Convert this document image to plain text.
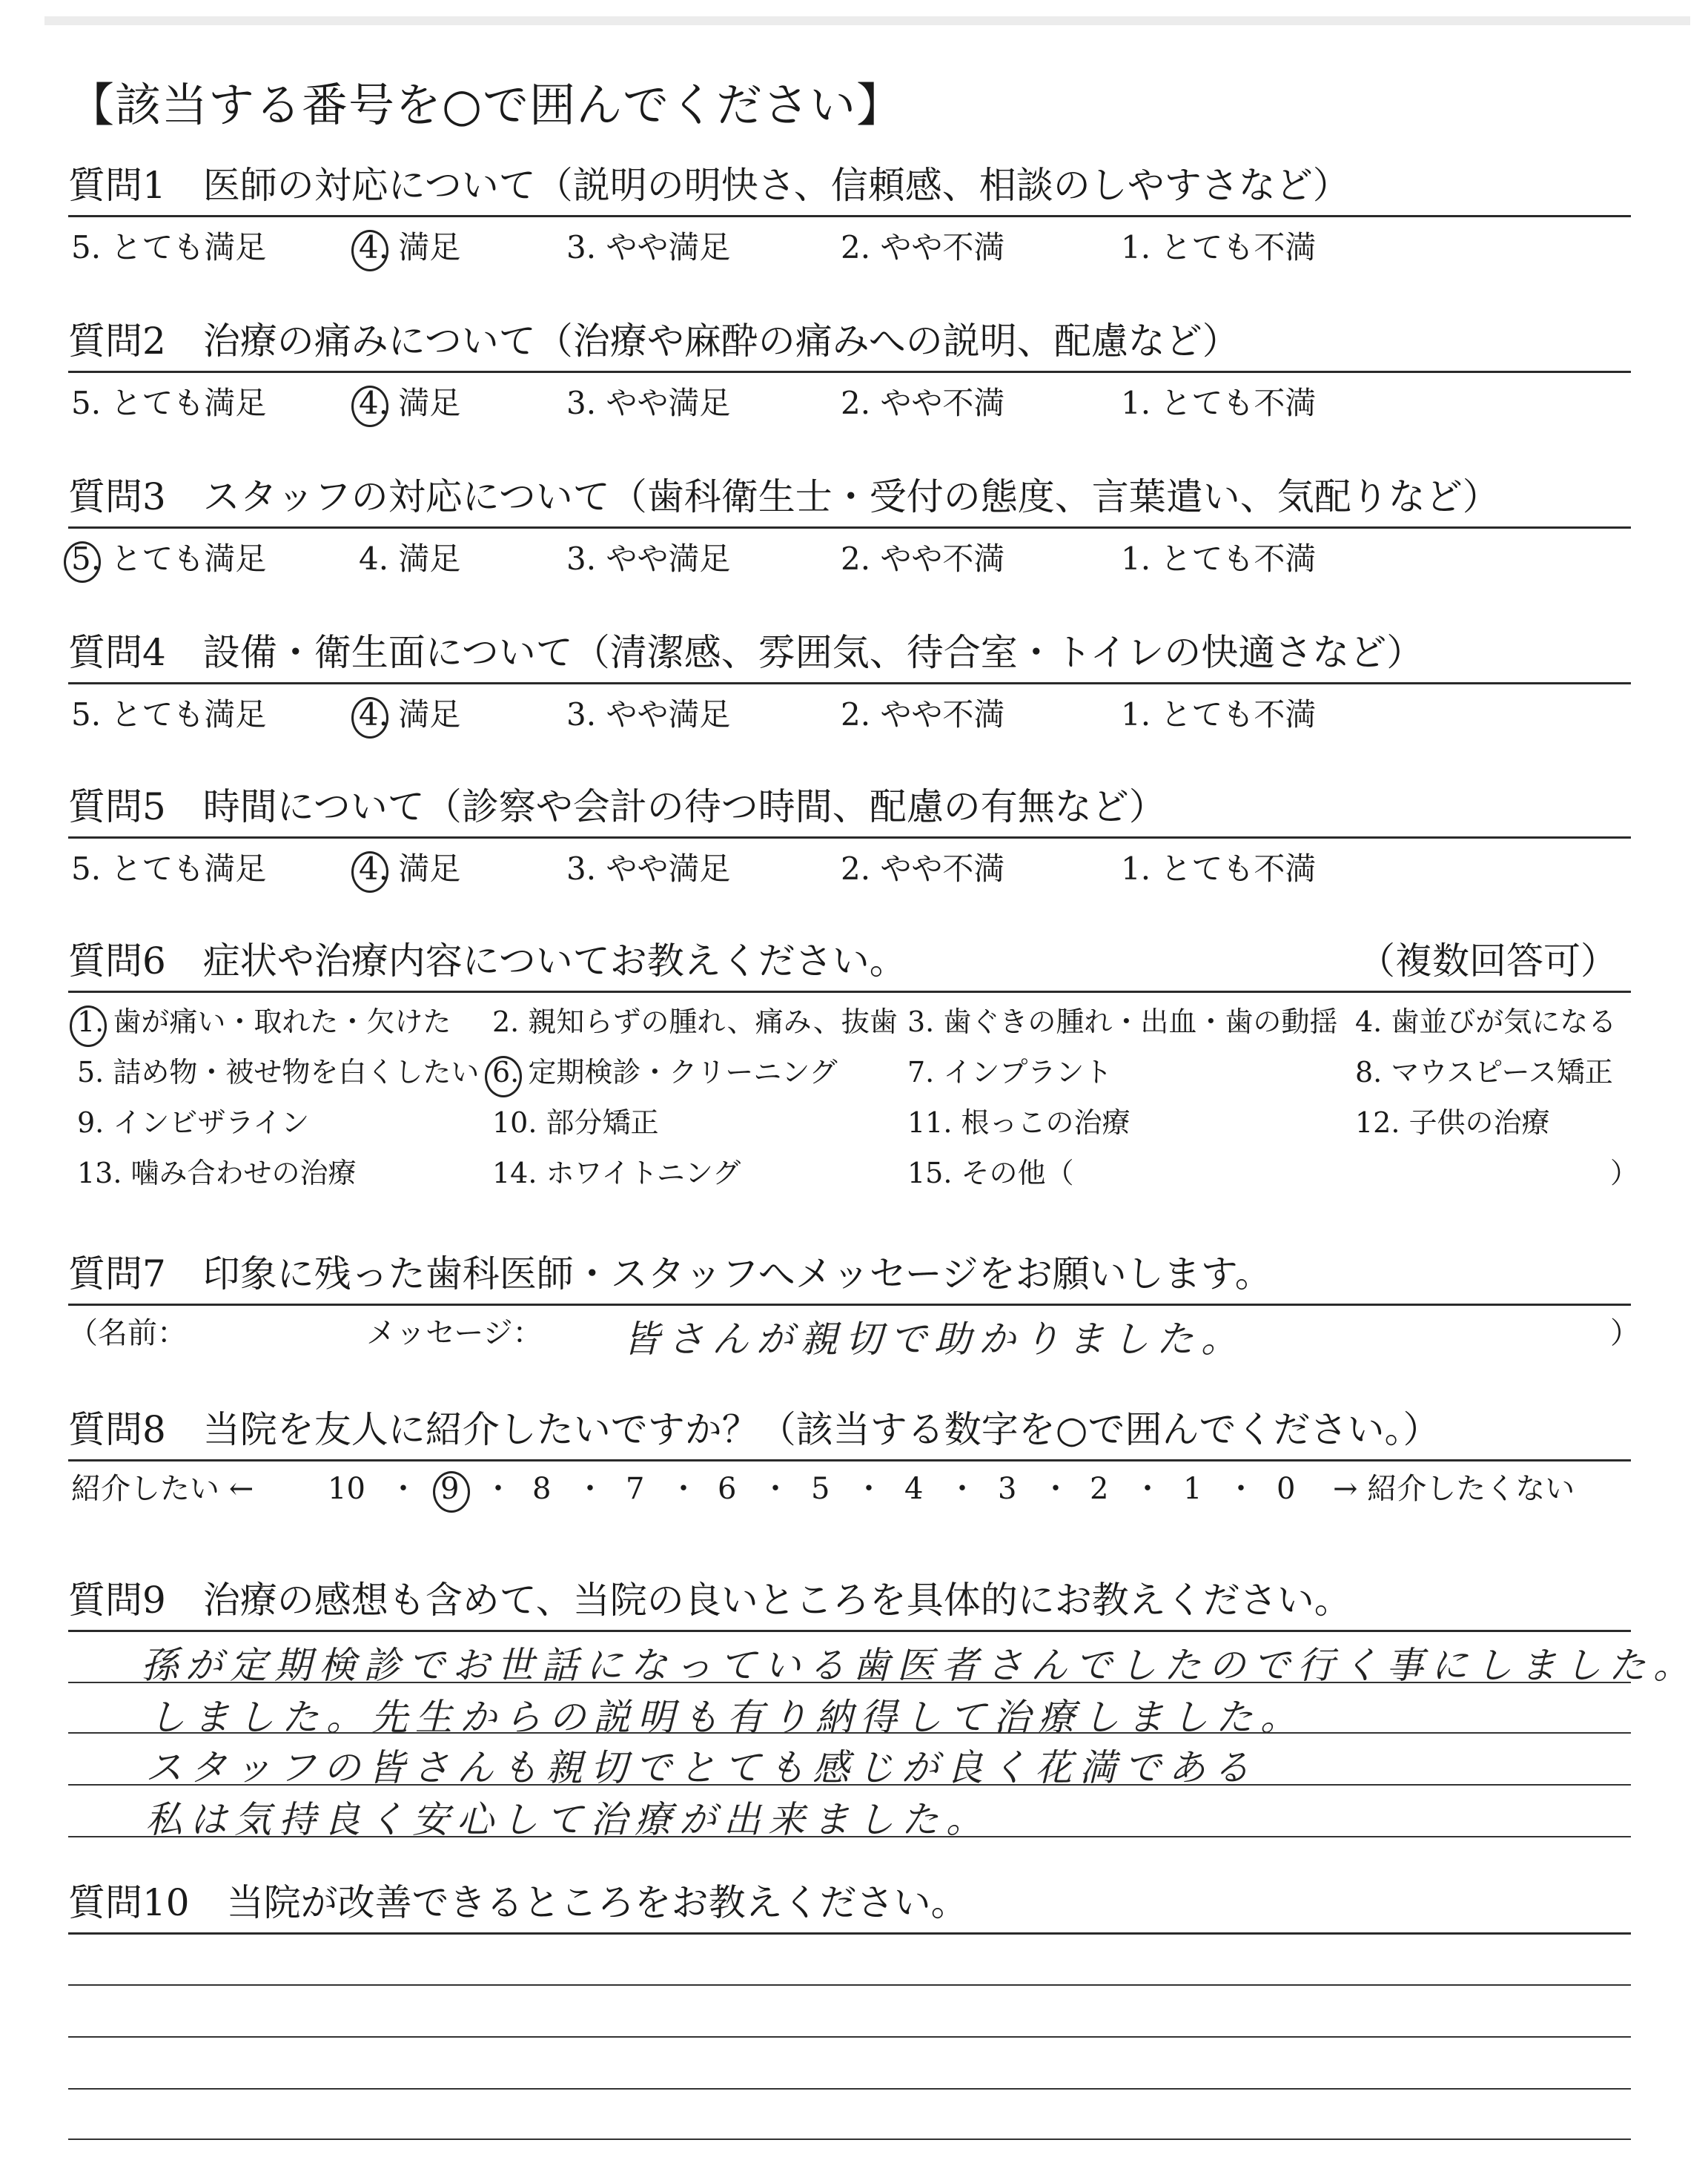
【該当する番号を○で囲んでください】
質問1　医師の対応について（説明の明快さ、信頼感、相談のしやすさなど）
5. とても満足	4. 満足	3. やや満足	2. やや不満	1. とても不満
質問2　治療の痛みについて（治療や麻酔の痛みへの説明、配慮など）
5. とても満足	4. 満足	3. やや満足	2. やや不満	1. とても不満
質問3　スタッフの対応について（歯科衛生士・受付の態度、言葉遣い、気配りなど）
5. とても満足	4. 満足	3. やや満足	2. やや不満	1. とても不満
質問4　設備・衛生面について（清潔感、雰囲気、待合室・トイレの快適さなど）
5. とても満足	4. 満足	3. やや満足	2. やや不満	1. とても不満
質問5　時間について（診察や会計の待つ時間、配慮の有無など）
5. とても満足	4. 満足	3. やや満足	2. やや不満	1. とても不満
質問6　症状や治療内容についてお教えください。	（複数回答可）
1. 歯が痛い・取れた・欠けた 2. 親知らずの腫れ、痛み、抜歯 3. 歯ぐきの腫れ・出血・歯の動揺 4. 歯並びが気になる
5. 詰め物・被せ物を白くしたい 6. 定期検診・クリーニング 7. インプラント	8. マウスピース矯正
9. インビザライン	10. 部分矯正	11. 根っこの治療	12. 子供の治療
13. 噛み合わせの治療	14. ホワイトニング	15. その他（	）
質問7　印象に残った歯科医師・スタッフへメッセージをお願いします。
（名前：	メッセージ： 皆さんが親切で助かりました。	）
質問8　当院を友人に紹介したいですか？（該当する数字を○で囲んでください。）
紹介したい ← 10 ・ 9 ・ 8 ・ 7 ・ 6 ・ 5 ・ 4 ・ 3 ・ 2 ・ 1 ・ 0 → 紹介したくない
質問9　治療の感想も含めて、当院の良いところを具体的にお教えください。
孫が定期検診でお世話になっている歯医者さんでしたので行く事にしました。
しました。先生からの説明も有り納得して治療しました。
スタッフの皆さんも親切でとても感じが良く花満である
私は気持良く安心して治療が出来ました。
質問10　当院が改善できるところをお教えください。
